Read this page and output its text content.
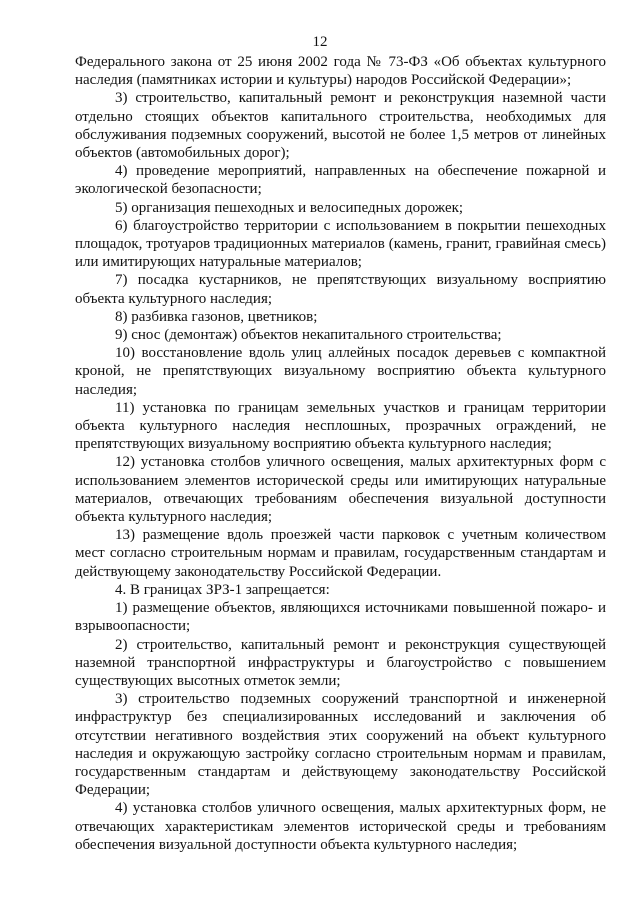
12

Федерального закона от 25 июня 2002 года № 73-ФЗ «Об объектах культурного наследия (памятниках истории и культуры) народов Российской Федерации»;

3) строительство, капитальный ремонт и реконструкция наземной части отдельно стоящих объектов капитального строительства, необходимых для обслуживания подземных сооружений, высотой не более 1,5 метров от линейных объектов (автомобильных дорог);

4) проведение мероприятий, направленных на обеспечение пожарной и экологической безопасности;

5) организация пешеходных и велосипедных дорожек;

6) благоустройство территории с использованием в покрытии пешеходных площадок, тротуаров традиционных материалов (камень, гранит, гравийная смесь) или имитирующих натуральные материалов;

7) посадка кустарников, не препятствующих визуальному восприятию объекта культурного наследия;

8) разбивка газонов, цветников;

9) снос (демонтаж) объектов некапитального строительства;

10) восстановление вдоль улиц аллейных посадок деревьев с компактной кроной, не препятствующих визуальному восприятию объекта культурного наследия;

11) установка по границам земельных участков и границам территории объекта культурного наследия несплошных, прозрачных ограждений, не препятствующих визуальному восприятию объекта культурного наследия;

12) установка столбов уличного освещения, малых архитектурных форм с использованием элементов исторической среды или имитирующих натуральные материалов, отвечающих требованиям обеспечения визуальной доступности объекта культурного наследия;

13) размещение вдоль проезжей части парковок с учетным количеством мест согласно строительным нормам и правилам, государственным стандартам и действующему законодательству Российской Федерации.

4. В границах ЗРЗ-1 запрещается:

1) размещение объектов, являющихся источниками повышенной пожаро- и взрывоопасности;

2) строительство, капитальный ремонт и реконструкция существующей наземной транспортной инфраструктуры и благоустройство с повышением существующих высотных отметок земли;

3) строительство подземных сооружений транспортной и инженерной инфраструктур без специализированных исследований и заключения об отсутствии негативного воздействия этих сооружений на объект культурного наследия и окружающую застройку согласно строительным нормам и правилам, государственным стандартам и действующему законодательству Российской Федерации;

4) установка столбов уличного освещения, малых архитектурных форм, не отвечающих характеристикам элементов исторической среды и требованиям обеспечения визуальной доступности объекта культурного наследия;
